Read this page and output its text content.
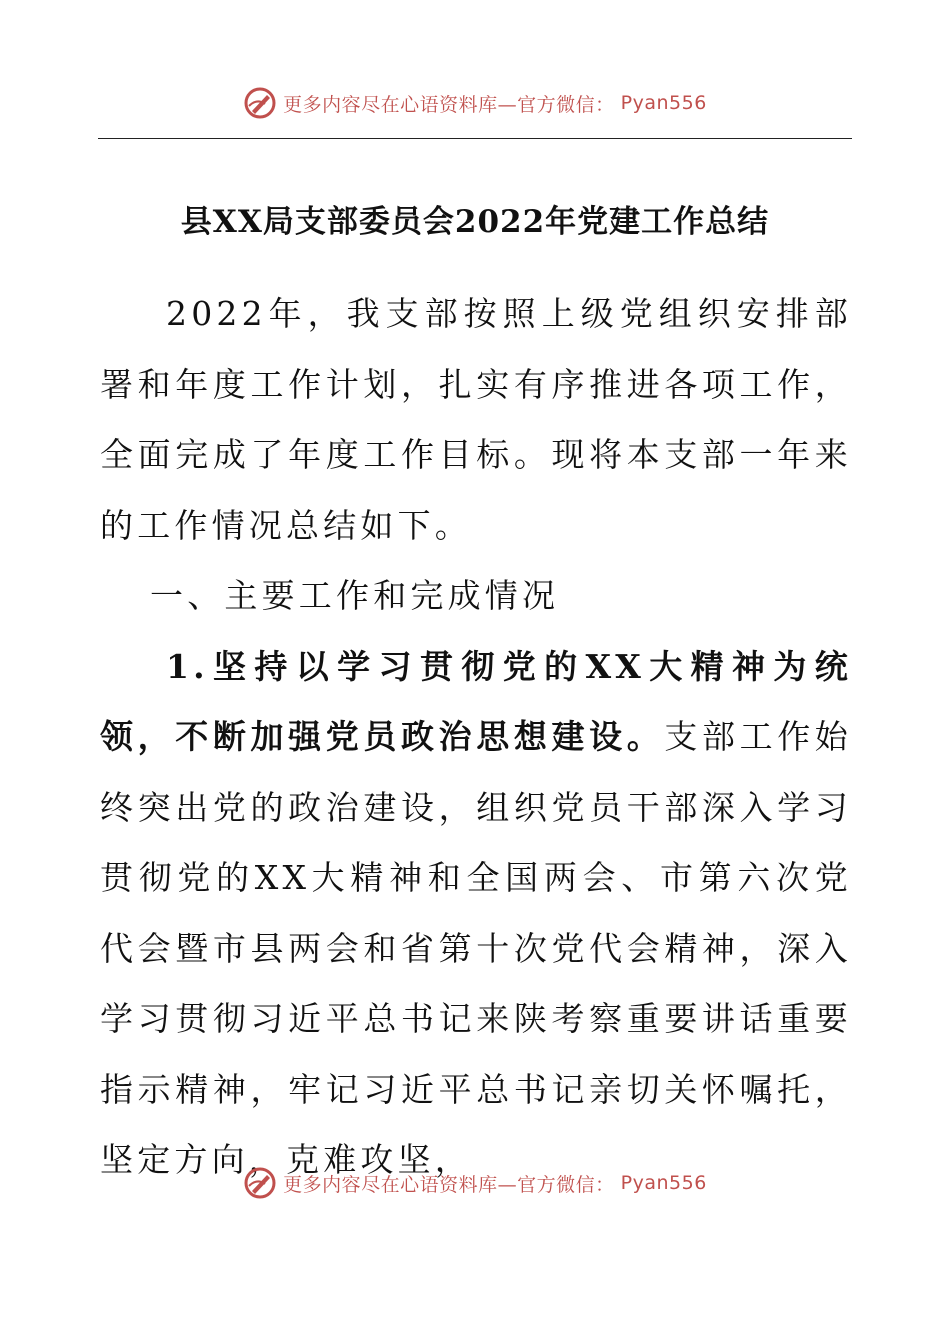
更多内容尽在心语资料库—官方微信： Pyan556
县XX局支部委员会2022年党建工作总结

2022年，我支部按照上级党组织安排部署和年度工作计划，扎实有序推进各项工作，全面完成了年度工作目标。现将本支部一年来的工作情况总结如下。

一、主要工作和完成情况

1.坚持以学习贯彻党的XX大精神为统领，不断加强党员政治思想建设。支部工作始终突出党的政治建设，组织党员干部深入学习贯彻党的XX大精神和全国两会、市第六次党代会暨市县两会和省第十次党代会精神，深入学习贯彻习近平总书记来陕考察重要讲话重要指示精神，牢记习近平总书记亲切关怀嘱托，坚定方向，克难攻坚，

更多内容尽在心语资料库—官方微信： Pyan556
